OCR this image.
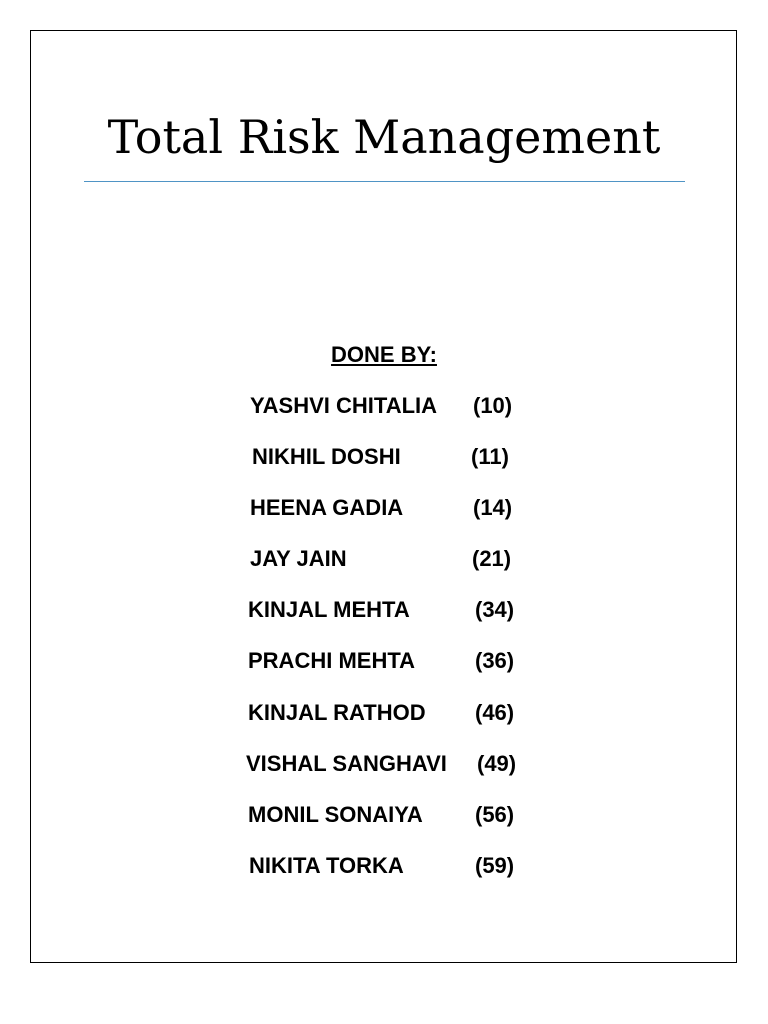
Total Risk Management
DONE BY:
YASHVI CHITALIA (10)
NIKHIL DOSHI	(11)
HEENA GADIA	(14)
JAY JAIN	(21)
KINJAL MEHTA	(34)
PRACHI MEHTA	(36)
KINJAL RATHOD (46)
VISHAL SANGHAVI (49)
MONIL SONAIYA (56)
NIKITA TORKA	(59)
